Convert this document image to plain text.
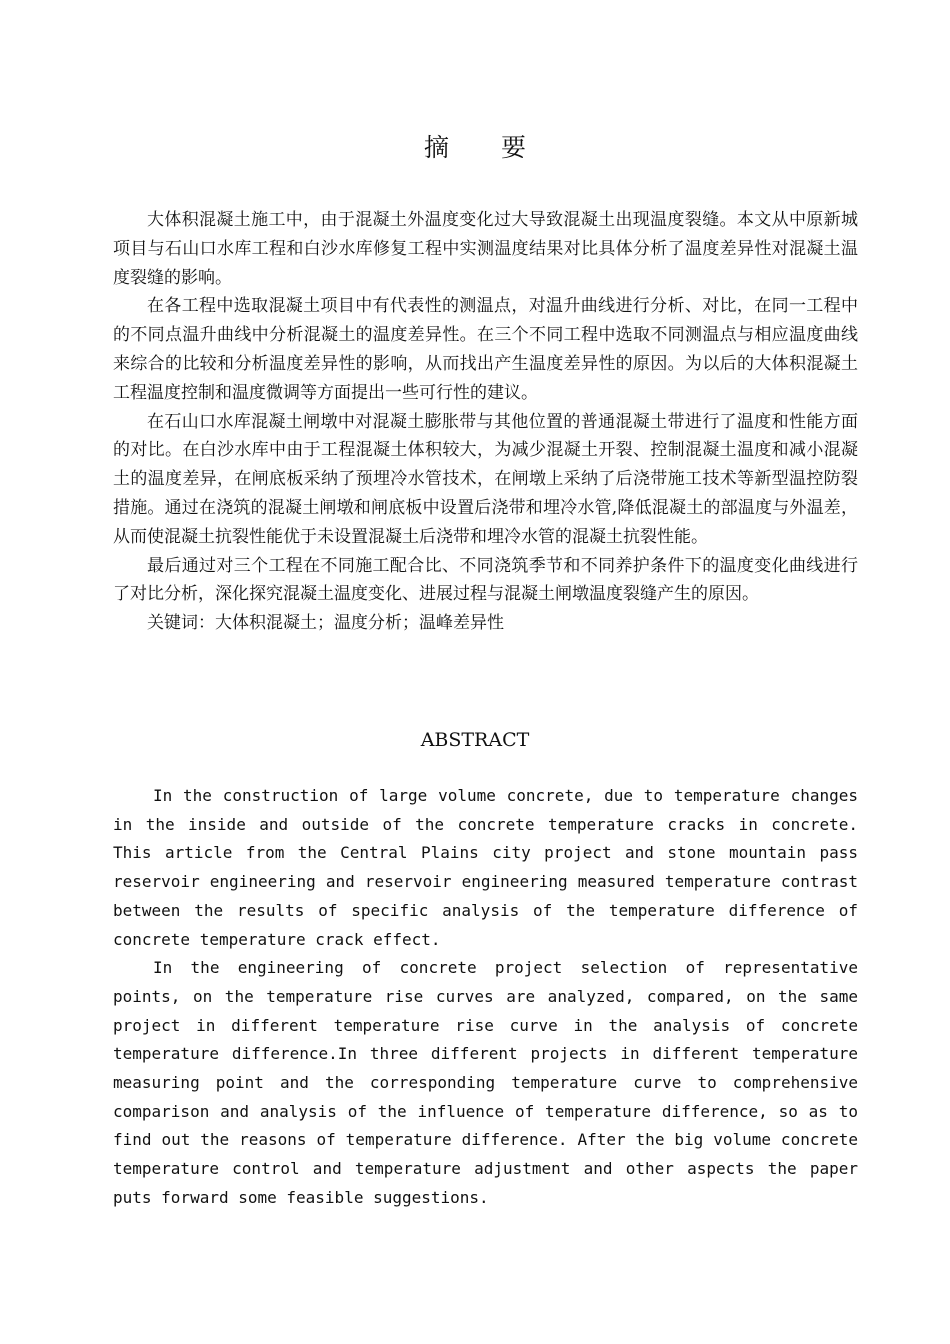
摘 要

大体积混凝土施工中，由于混凝土外温度变化过大导致混凝土出现温度裂缝。本文从中原新城项目与石山口水库工程和白沙水库修复工程中实测温度结果对比具体分析了温度差异性对混凝土温度裂缝的影响。

在各工程中选取混凝土项目中有代表性的测温点，对温升曲线进行分析、对比，在同一工程中的不同点温升曲线中分析混凝土的温度差异性。在三个不同工程中选取不同测温点与相应温度曲线来综合的比较和分析温度差异性的影响，从而找出产生温度差异性的原因。为以后的大体积混凝土工程温度控制和温度微调等方面提出一些可行性的建议。

在石山口水库混凝土闸墩中对混凝土膨胀带与其他位置的普通混凝土带进行了温度和性能方面的对比。在白沙水库中由于工程混凝土体积较大，为减少混凝土开裂、控制混凝土温度和减小混凝土的温度差异，在闸底板采纳了预埋冷水管技术，在闸墩上采纳了后浇带施工技术等新型温控防裂措施。通过在浇筑的混凝土闸墩和闸底板中设置后浇带和埋冷水管,降低混凝土的部温度与外温差，从而使混凝土抗裂性能优于未设置混凝土后浇带和埋冷水管的混凝土抗裂性能。

最后通过对三个工程在不同施工配合比、不同浇筑季节和不同养护条件下的温度变化曲线进行了对比分析，深化探究混凝土温度变化、进展过程与混凝土闸墩温度裂缝产生的原因。

关键词：大体积混凝土；温度分析；温峰差异性

ABSTRACT

In the construction of large volume concrete, due to temperature changes in the inside and outside of the concrete temperature cracks in concrete. This article from the Central Plains city project and stone mountain pass reservoir engineering and reservoir engineering measured temperature contrast between the results of specific analysis of the temperature difference of concrete temperature crack effect.

In the engineering of concrete project selection of representative points, on the temperature rise curves are analyzed, compared, on the same project in different temperature rise curve in the analysis of concrete temperature difference.In three different projects in different temperature measuring point and the corresponding temperature curve to comprehensive comparison and analysis of the influence of temperature difference, so as to find out the reasons of temperature difference. After the big volume concrete temperature control and temperature adjustment and other aspects the paper puts forward some feasible suggestions.
